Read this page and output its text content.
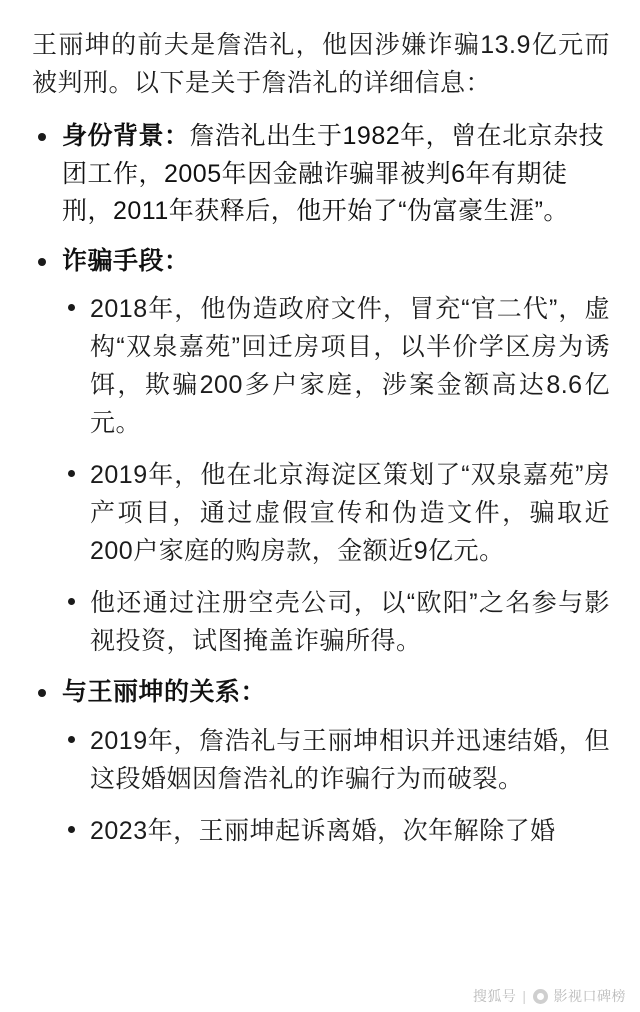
王丽坤的前夫是詹浩礼，他因涉嫌诈骗13.9亿元而被判刑。以下是关于詹浩礼的详细信息：

身份背景：詹浩礼出生于1982年，曾在北京杂技团工作，2005年因金融诈骗罪被判6年有期徒刑，2011年获释后，他开始了“伪富豪生涯”。
诈骗手段：
2018年，他伪造政府文件，冒充“官二代”，虚构“双泉嘉苑”回迁房项目，以半价学区房为诱饵，欺骗200多户家庭，涉案金额高达8.6亿元。
2019年，他在北京海淀区策划了“双泉嘉苑”房产项目，通过虚假宣传和伪造文件，骗取近200户家庭的购房款，金额近9亿元。
他还通过注册空壳公司，以“欧阳”之名参与影视投资，试图掩盖诈骗所得。
与王丽坤的关系：
2019年，詹浩礼与王丽坤相识并迅速结婚，但这段婚姻因詹浩礼的诈骗行为而破裂。
2023年，王丽坤起诉离婚，次年解除了婚
搜狐号 | 影视口碑榜
